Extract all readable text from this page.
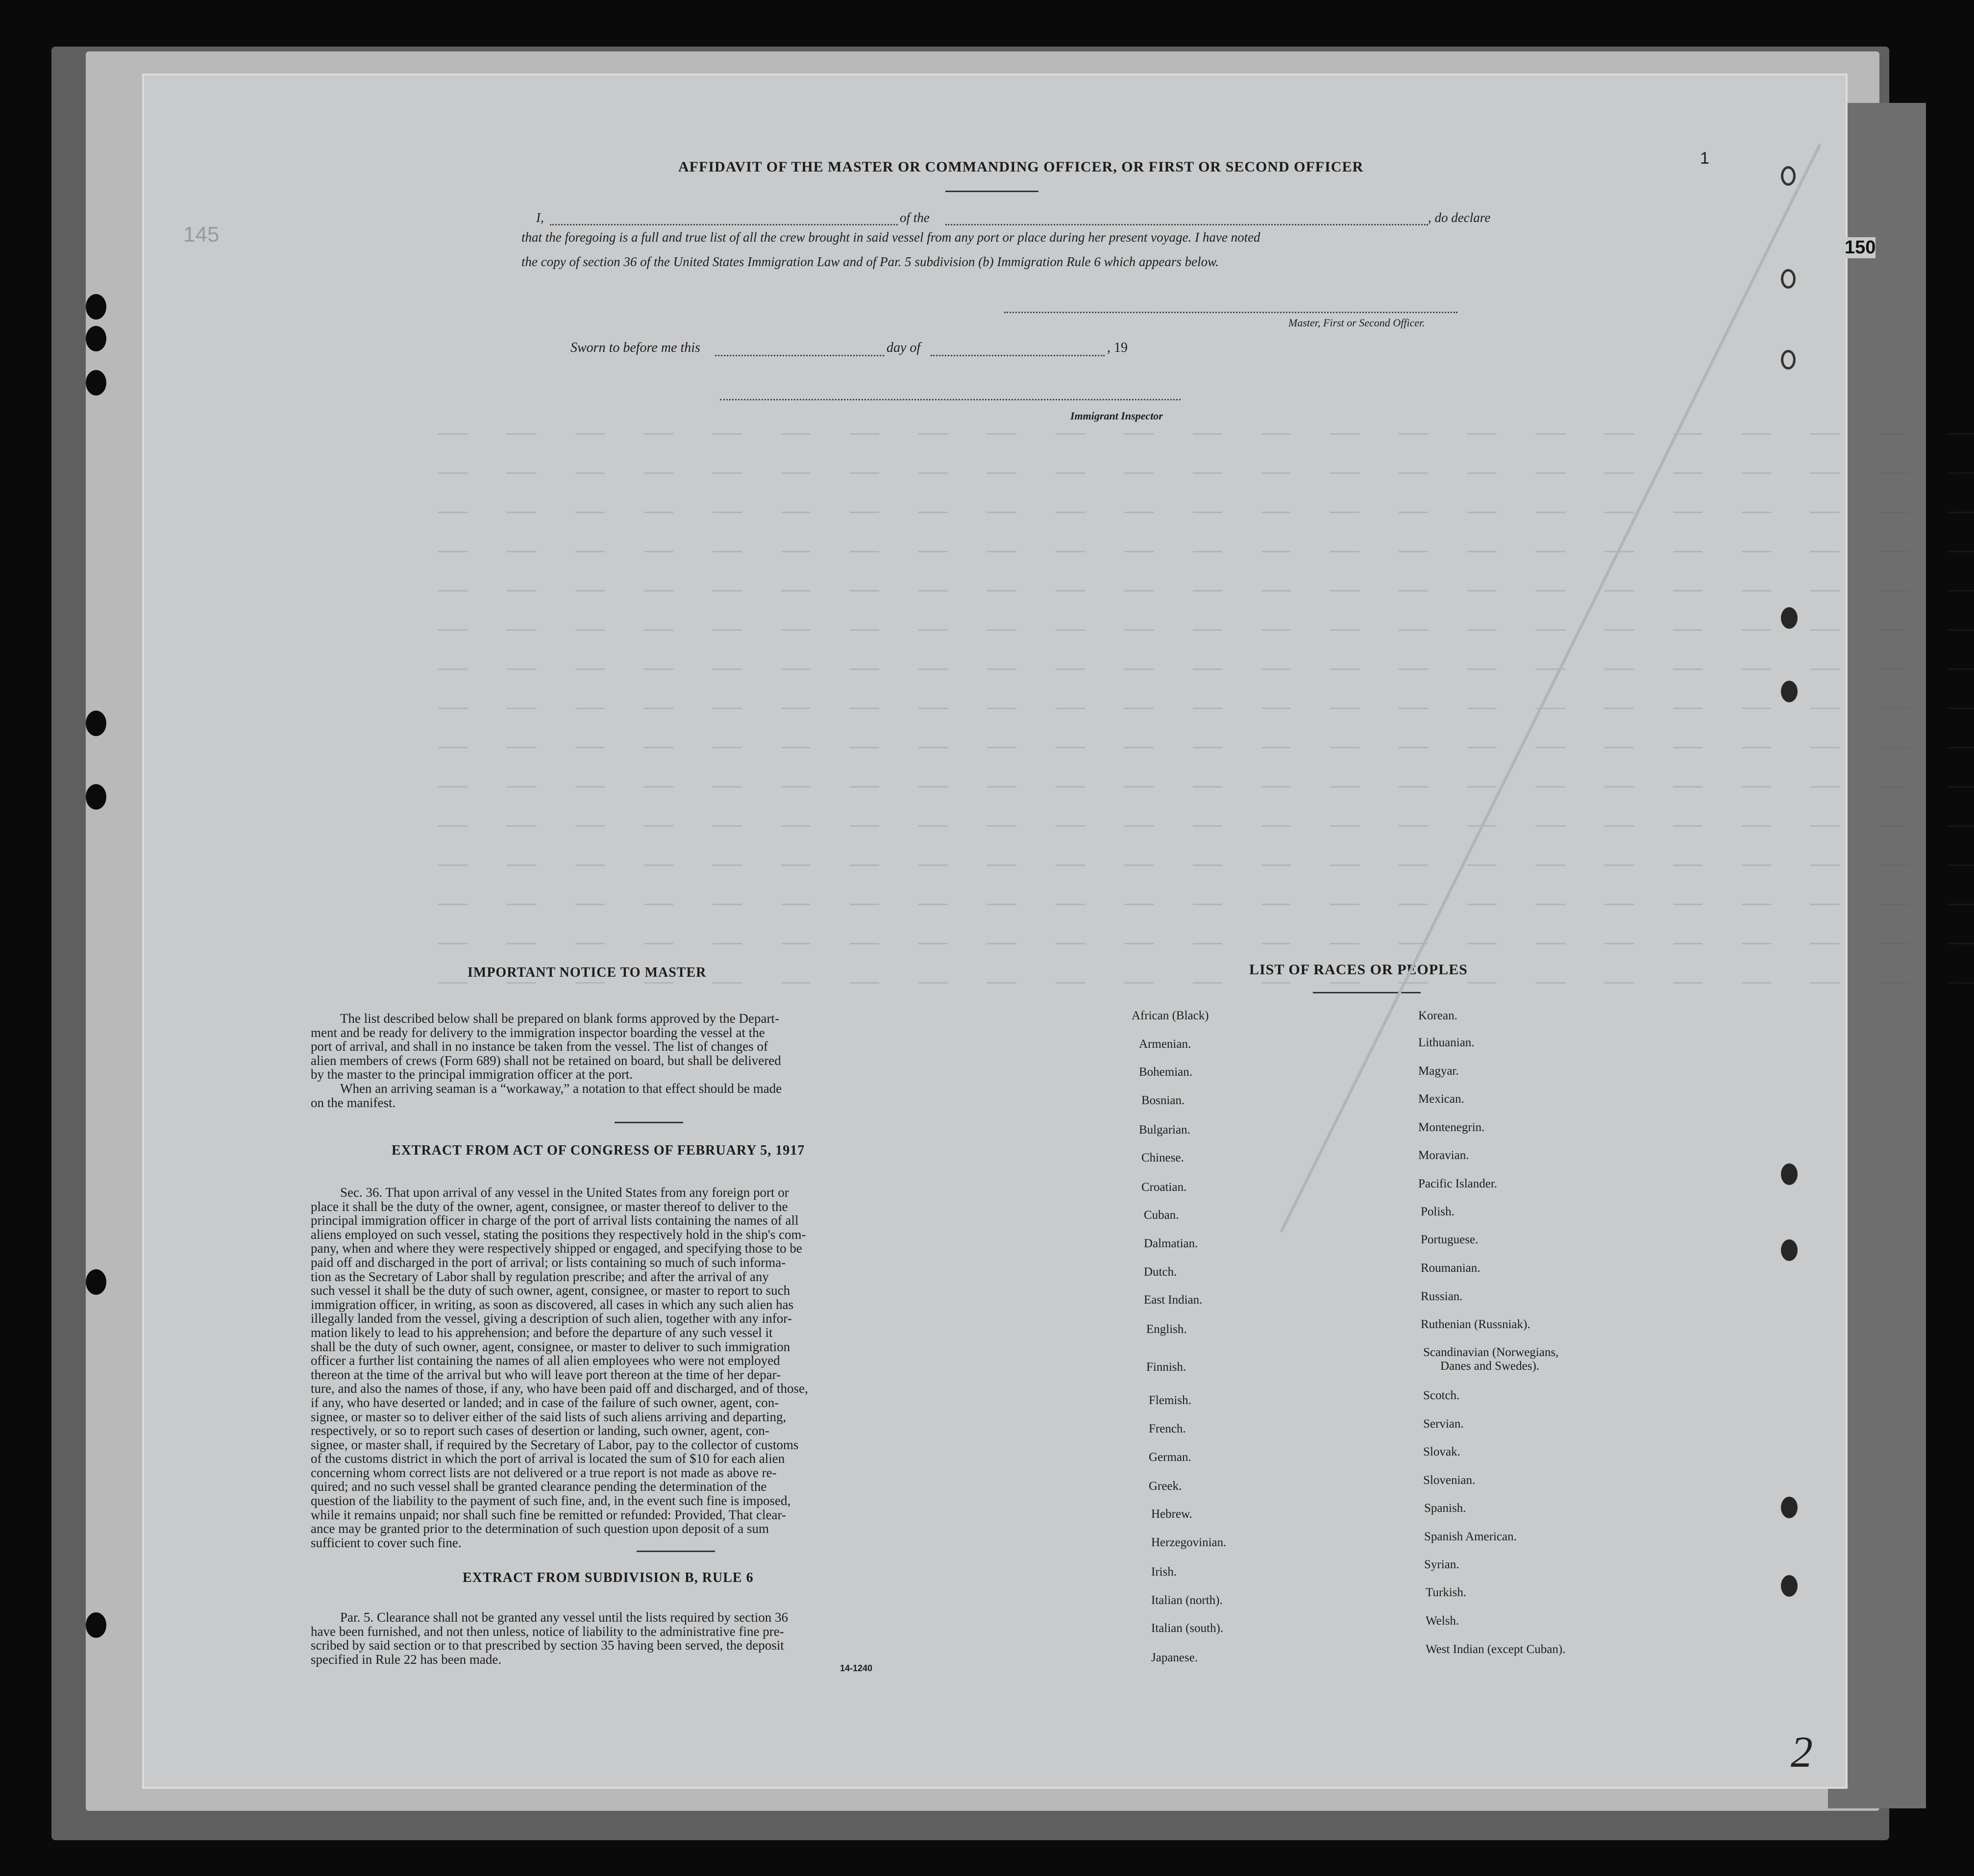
1
150
145
2
AFFIDAVIT OF THE MASTER OR COMMANDING OFFICER, OR FIRST OR SECOND OFFICER
I,	of the	, do declare
that the foregoing is a full and true list of all the crew brought in said vessel from any port or place during her present voyage. I have noted
the copy of section 36 of the United States Immigration Law and of Par. 5 subdivision (b) Immigration Rule 6 which appears below.
Master, First or Second Officer.
Sworn to before me this	day of	, 19
Immigrant Inspector
IMPORTANT NOTICE TO MASTER
The list described below shall be prepared on blank forms approved by the Depart-
ment and be ready for delivery to the immigration inspector boarding the vessel at the
port of arrival, and shall in no instance be taken from the vessel. The list of changes of
alien members of crews (Form 689) shall not be retained on board, but shall be delivered
by the master to the principal immigration officer at the port.
When an arriving seaman is a “workaway,” a notation to that effect should be made
on the manifest.
EXTRACT FROM ACT OF CONGRESS OF FEBRUARY 5, 1917
Sec. 36. That upon arrival of any vessel in the United States from any foreign port or
place it shall be the duty of the owner, agent, consignee, or master thereof to deliver to the
principal immigration officer in charge of the port of arrival lists containing the names of all
aliens employed on such vessel, stating the positions they respectively hold in the ship's com-
pany, when and where they were respectively shipped or engaged, and specifying those to be
paid off and discharged in the port of arrival; or lists containing so much of such informa-
tion as the Secretary of Labor shall by regulation prescribe; and after the arrival of any
such vessel it shall be the duty of such owner, agent, consignee, or master to report to such
immigration officer, in writing, as soon as discovered, all cases in which any such alien has
illegally landed from the vessel, giving a description of such alien, together with any infor-
mation likely to lead to his apprehension; and before the departure of any such vessel it
shall be the duty of such owner, agent, consignee, or master to deliver to such immigration
officer a further list containing the names of all alien employees who were not employed
thereon at the time of the arrival but who will leave port thereon at the time of her depar-
ture, and also the names of those, if any, who have been paid off and discharged, and of those,
if any, who have deserted or landed; and in case of the failure of such owner, agent, con-
signee, or master so to deliver either of the said lists of such aliens arriving and departing,
respectively, or so to report such cases of desertion or landing, such owner, agent, con-
signee, or master shall, if required by the Secretary of Labor, pay to the collector of customs
of the customs district in which the port of arrival is located the sum of $10 for each alien
concerning whom correct lists are not delivered or a true report is not made as above re-
quired; and no such vessel shall be granted clearance pending the determination of the
question of the liability to the payment of such fine, and, in the event such fine is imposed,
while it remains unpaid; nor shall such fine be remitted or refunded: Provided, That clear-
ance may be granted prior to the determination of such question upon deposit of a sum
sufficient to cover such fine.
EXTRACT FROM SUBDIVISION B, RULE 6
Par. 5. Clearance shall not be granted any vessel until the lists required by section 36
have been furnished, and not then unless, notice of liability to the administrative fine pre-
scribed by said section or to that prescribed by section 35 having been served, the deposit
specified in Rule 22 has been made.
14-1240
LIST OF RACES OR PEOPLES
African (Black)
Armenian.
Bohemian.
Bosnian.
Bulgarian.
Chinese.
Croatian.
Cuban.
Dalmatian.
Dutch.
East Indian.
English.
Finnish.
Flemish.
French.
German.
Greek.
Hebrew.
Herzegovinian.
Irish.
Italian (north).
Italian (south).
Japanese.
Korean.
Lithuanian.
Magyar.
Mexican.
Montenegrin.
Moravian.
Pacific Islander.
Polish.
Portuguese.
Roumanian.
Russian.
Ruthenian (Russniak).
Scandinavian (Norwegians,
Danes and Swedes).
Scotch.
Servian.
Slovak.
Slovenian.
Spanish.
Spanish American.
Syrian.
Turkish.
Welsh.
West Indian (except Cuban).
